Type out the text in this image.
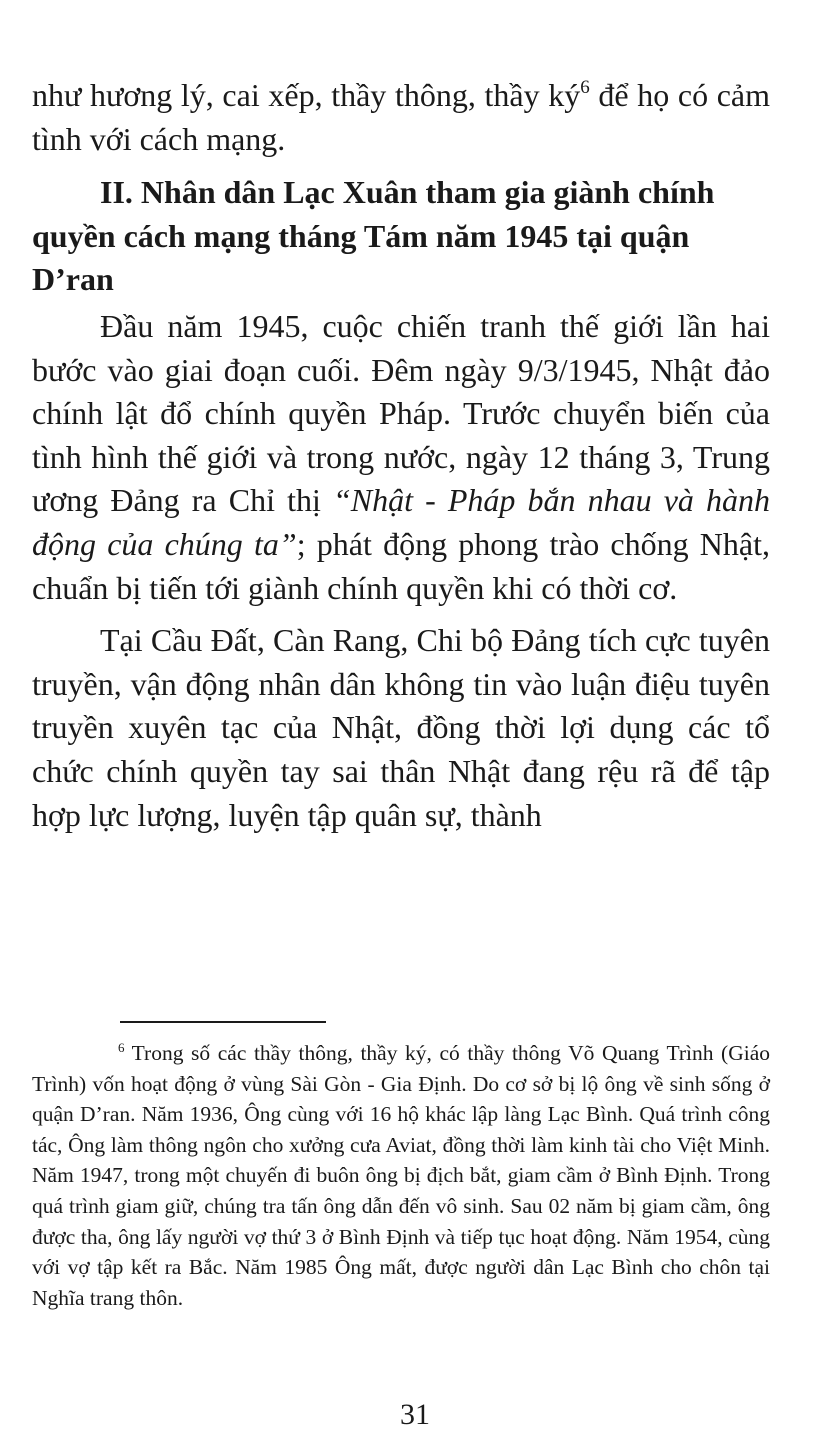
như hương lý, cai xếp, thầy thông, thầy $ký^6$ để họ có cảm tình với cách mạng.

II. Nhân dân Lạc Xuân tham gia giành chính quyền cách mạng tháng Tám năm 1945 tại quận D’ran

Đầu năm 1945, cuộc chiến tranh thế giới lần hai bước vào giai đoạn cuối. Đêm ngày 9/3/1945, Nhật đảo chính lật đổ chính quyền Pháp. Trước chuyển biến của tình hình thế giới và trong nước, ngày 12 tháng 3, Trung ương Đảng ra Chỉ thị “Nhật - Pháp bắn nhau và hành động của chúng ta”; phát động phong trào chống Nhật, chuẩn bị tiến tới giành chính quyền khi có thời cơ.

Tại Cầu Đất, Càn Rang, Chi bộ Đảng tích cực tuyên truyền, vận động nhân dân không tin vào luận điệu tuyên truyền xuyên tạc của Nhật, đồng thời lợi dụng các tổ chức chính quyền tay sai thân Nhật đang rệu rã để tập hợp lực lượng, luyện tập quân sự, thành

$^6$ Trong số các thầy thông, thầy ký, có thầy thông Võ Quang Trình (Giáo Trình) vốn hoạt động ở vùng Sài Gòn - Gia Định. Do cơ sở bị lộ ông về sinh sống ở quận D’ran. Năm 1936, Ông cùng với 16 hộ khác lập làng Lạc Bình. Quá trình công tác, Ông làm thông ngôn cho xưởng cưa Aviat, đồng thời làm kinh tài cho Việt Minh. Năm 1947, trong một chuyến đi buôn ông bị địch bắt, giam cầm ở Bình Định. Trong quá trình giam giữ, chúng tra tấn ông dẫn đến vô sinh. Sau 02 năm bị giam cầm, ông được tha, ông lấy người vợ thứ 3 ở Bình Định và tiếp tục hoạt động. Năm 1954, cùng với vợ tập kết ra Bắc. Năm 1985 Ông mất, được người dân Lạc Bình cho chôn tại Nghĩa trang thôn.

31
